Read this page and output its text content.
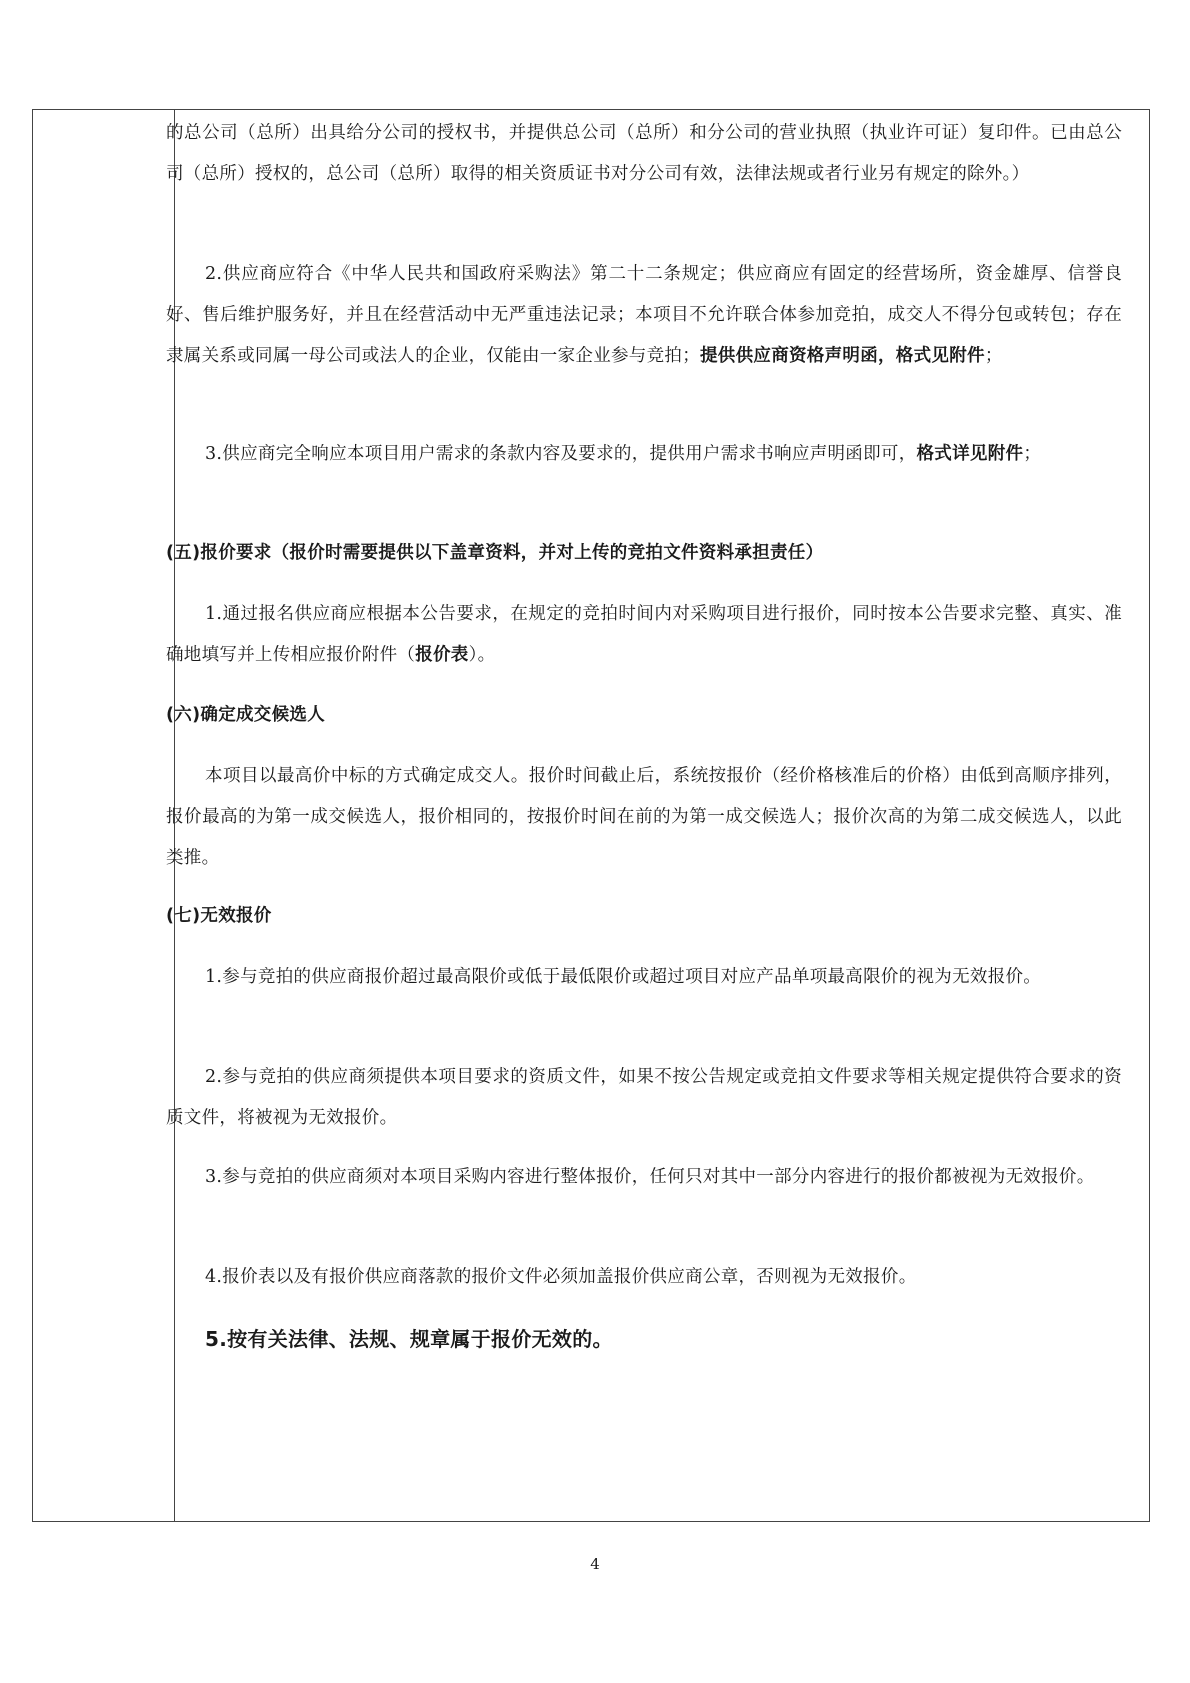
的总公司（总所）出具给分公司的授权书，并提供总公司（总所）和分公司的营业执照（执业许可证）复印件。已由总公司（总所）授权的，总公司（总所）取得的相关资质证书对分公司有效，法律法规或者行业另有规定的除外。）

2.供应商应符合《中华人民共和国政府采购法》第二十二条规定；供应商应有固定的经营场所，资金雄厚、信誉良好、售后维护服务好，并且在经营活动中无严重违法记录；本项目不允许联合体参加竞拍，成交人不得分包或转包；存在隶属关系或同属一母公司或法人的企业，仅能由一家企业参与竞拍；提供供应商资格声明函，格式见附件；

3.供应商完全响应本项目用户需求的条款内容及要求的，提供用户需求书响应声明函即可，格式详见附件；

(五)报价要求（报价时需要提供以下盖章资料，并对上传的竞拍文件资料承担责任）

1.通过报名供应商应根据本公告要求，在规定的竞拍时间内对采购项目进行报价，同时按本公告要求完整、真实、准确地填写并上传相应报价附件（报价表）。

(六)确定成交候选人

本项目以最高价中标的方式确定成交人。报价时间截止后，系统按报价（经价格核准后的价格）由低到高顺序排列，报价最高的为第一成交候选人，报价相同的，按报价时间在前的为第一成交候选人；报价次高的为第二成交候选人，以此类推。

(七)无效报价

1.参与竞拍的供应商报价超过最高限价或低于最低限价或超过项目对应产品单项最高限价的视为无效报价。

2.参与竞拍的供应商须提供本项目要求的资质文件，如果不按公告规定或竞拍文件要求等相关规定提供符合要求的资质文件，将被视为无效报价。

3.参与竞拍的供应商须对本项目采购内容进行整体报价，任何只对其中一部分内容进行的报价都被视为无效报价。

4.报价表以及有报价供应商落款的报价文件必须加盖报价供应商公章，否则视为无效报价。

5.按有关法律、法规、规章属于报价无效的。

4
